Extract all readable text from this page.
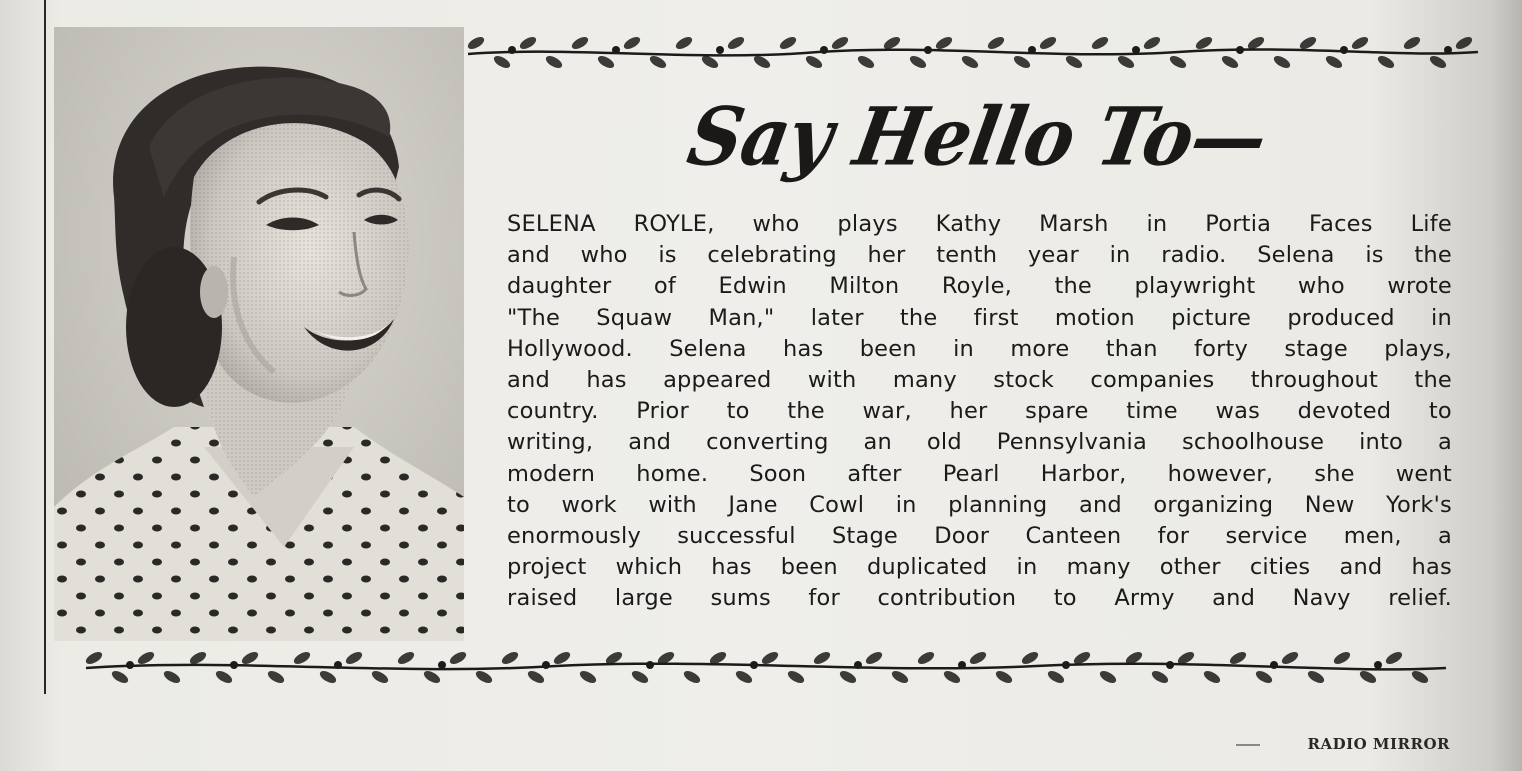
Say Hello To—
SELENA ROYLE, who plays Kathy Marsh in Portia Faces Life
and who is celebrating her tenth year in radio. Selena is the
daughter of Edwin Milton Royle, the playwright who wrote
"The Squaw Man," later the first motion picture produced in
Hollywood. Selena has been in more than forty stage plays,
and has appeared with many stock companies throughout the
country. Prior to the war, her spare time was devoted to
writing, and converting an old Pennsylvania schoolhouse into a
modern home. Soon after Pearl Harbor, however, she went
to work with Jane Cowl in planning and organizing New York's
enormously successful Stage Door Canteen for service men, a
project which has been duplicated in many other cities and has
raised large sums for contribution to Army and Navy relief.
RADIO MIRROR
